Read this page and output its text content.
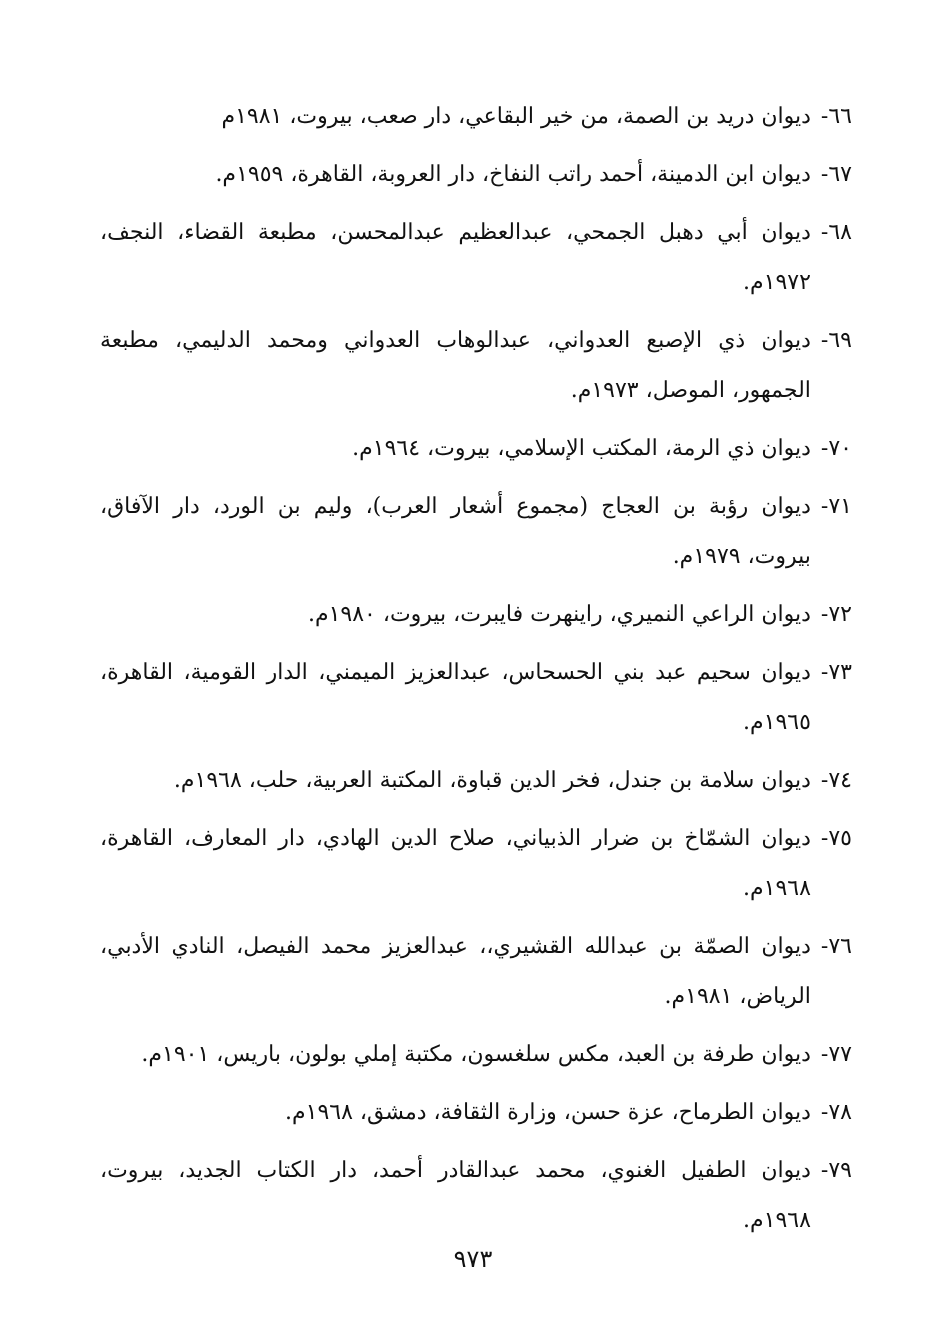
٦٦-
ديوان دريد بن الصمة، من خير البقاعي، دار صعب، بيروت، ١٩٨١م
٦٧-
ديوان ابن الدمينة، أحمد راتب النفاخ، دار العروبة، القاهرة، ١٩٥٩م.
٦٨-
ديوان أبي دهبل الجمحي، عبدالعظيم عبدالمحسن، مطبعة القضاء، النجف، ١٩٧٢م.
٦٩-
ديوان ذي الإصبع العدواني، عبدالوهاب العدواني ومحمد الدليمي، مطبعة الجمهور، الموصل، ١٩٧٣م.
٧٠-
ديوان ذي الرمة، المكتب الإسلامي، بيروت، ١٩٦٤م.
٧١-
ديوان رؤبة بن العجاج (مجموع أشعار العرب)، وليم بن الورد، دار الآفاق، بيروت، ١٩٧٩م.
٧٢-
ديوان الراعي النميري، راينهرت فايبرت، بيروت، ١٩٨٠م.
٧٣-
ديوان سحيم عبد بني الحسحاس، عبدالعزيز الميمني، الدار القومية، القاهرة، ١٩٦٥م.
٧٤-
ديوان سلامة بن جندل، فخر الدين قباوة، المكتبة العربية، حلب، ١٩٦٨م.
٧٥-
ديوان الشمّاخ بن ضرار الذبياني، صلاح الدين الهادي، دار المعارف، القاهرة، ١٩٦٨م.
٧٦-
ديوان الصمّة بن عبدالله القشيري،، عبدالعزيز محمد الفيصل، النادي الأدبي، الرياض، ١٩٨١م.
٧٧-
ديوان طرفة بن العبد، مكس سلغسون، مكتبة إملي بولون، باريس، ١٩٠١م.
٧٨-
ديوان الطرماح، عزة حسن، وزارة الثقافة، دمشق، ١٩٦٨م.
٧٩-
ديوان الطفيل الغنوي، محمد عبدالقادر أحمد، دار الكتاب الجديد، بيروت، ١٩٦٨م.
٩٧٣
